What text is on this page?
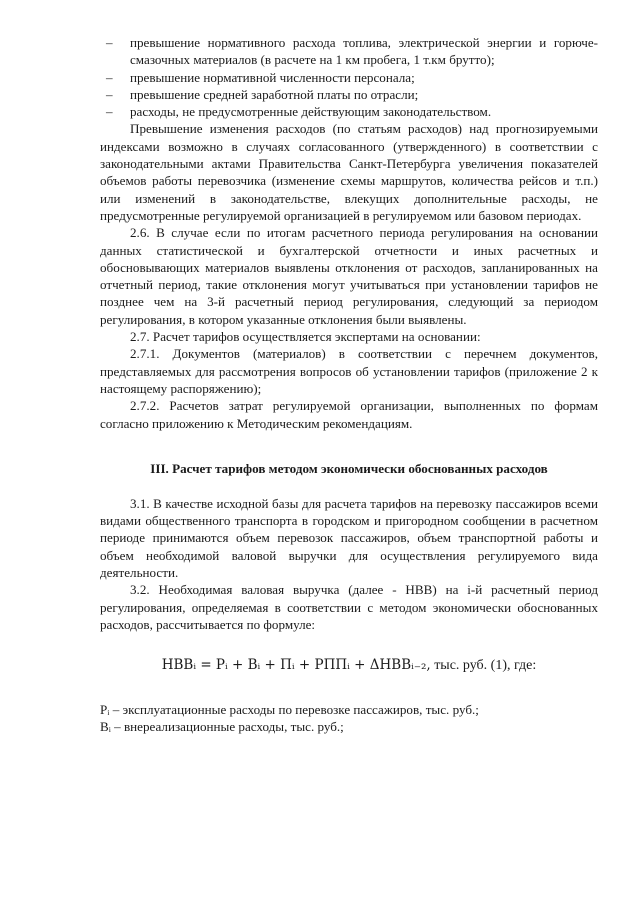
–	превышение нормативного расхода топлива, электрической энергии и горюче-смазочных материалов (в расчете на 1 км пробега, 1 т.км брутто);

–	превышение нормативной численности персонала;

–	превышение средней заработной платы по отрасли;

–	расходы, не предусмотренные действующим законодательством.

Превышение изменения расходов (по статьям расходов) над прогнозируемыми индексами возможно в случаях согласованного (утвержденного) в соответствии с законодательными актами Правительства Санкт-Петербурга увеличения показателей объемов работы перевозчика (изменение схемы маршрутов, количества рейсов и т.п.) или изменений в законодательстве, влекущих дополнительные расходы, не предусмотренные регулируемой организацией в регулируемом или базовом периодах.

2.6. В случае если по итогам расчетного периода регулирования на основании данных статистической и бухгалтерской отчетности и иных расчетных и обосновывающих материалов выявлены отклонения от расходов, запланированных на отчетный период, такие отклонения могут учитываться при установлении тарифов не позднее чем на 3-й расчетный период регулирования, следующий за периодом регулирования, в котором указанные отклонения были выявлены.

2.7. Расчет тарифов осуществляется экспертами на основании:

2.7.1. Документов (материалов) в соответствии с перечнем документов, представляемых для рассмотрения вопросов об установлении тарифов (приложение 2 к настоящему распоряжению);

2.7.2. Расчетов затрат регулируемой организации, выполненных по формам согласно приложению к Методическим рекомендациям.

III. Расчет тарифов методом экономически обоснованных расходов

3.1. В качестве исходной базы для расчета тарифов на перевозку пассажиров всеми видами общественного транспорта в городском и пригородном сообщении в расчетном периоде принимаются объем перевозок пассажиров, объем транспортной работы и объем необходимой валовой выручки для осуществления регулируемого вида деятельности.

3.2. Необходимая валовая выручка (далее - НВВ) на i-й расчетный период регулирования, определяемая в соответствии с методом экономически обоснованных расходов, рассчитывается по формуле:

НВВᵢ = Pᵢ + Вᵢ + Пᵢ + РППᵢ + ΔНВВᵢ₋₂, тыс. руб. (1), где:

Pᵢ – эксплуатационные расходы по перевозке пассажиров, тыс. руб.;

Вᵢ – внереализационные расходы, тыс. руб.;
